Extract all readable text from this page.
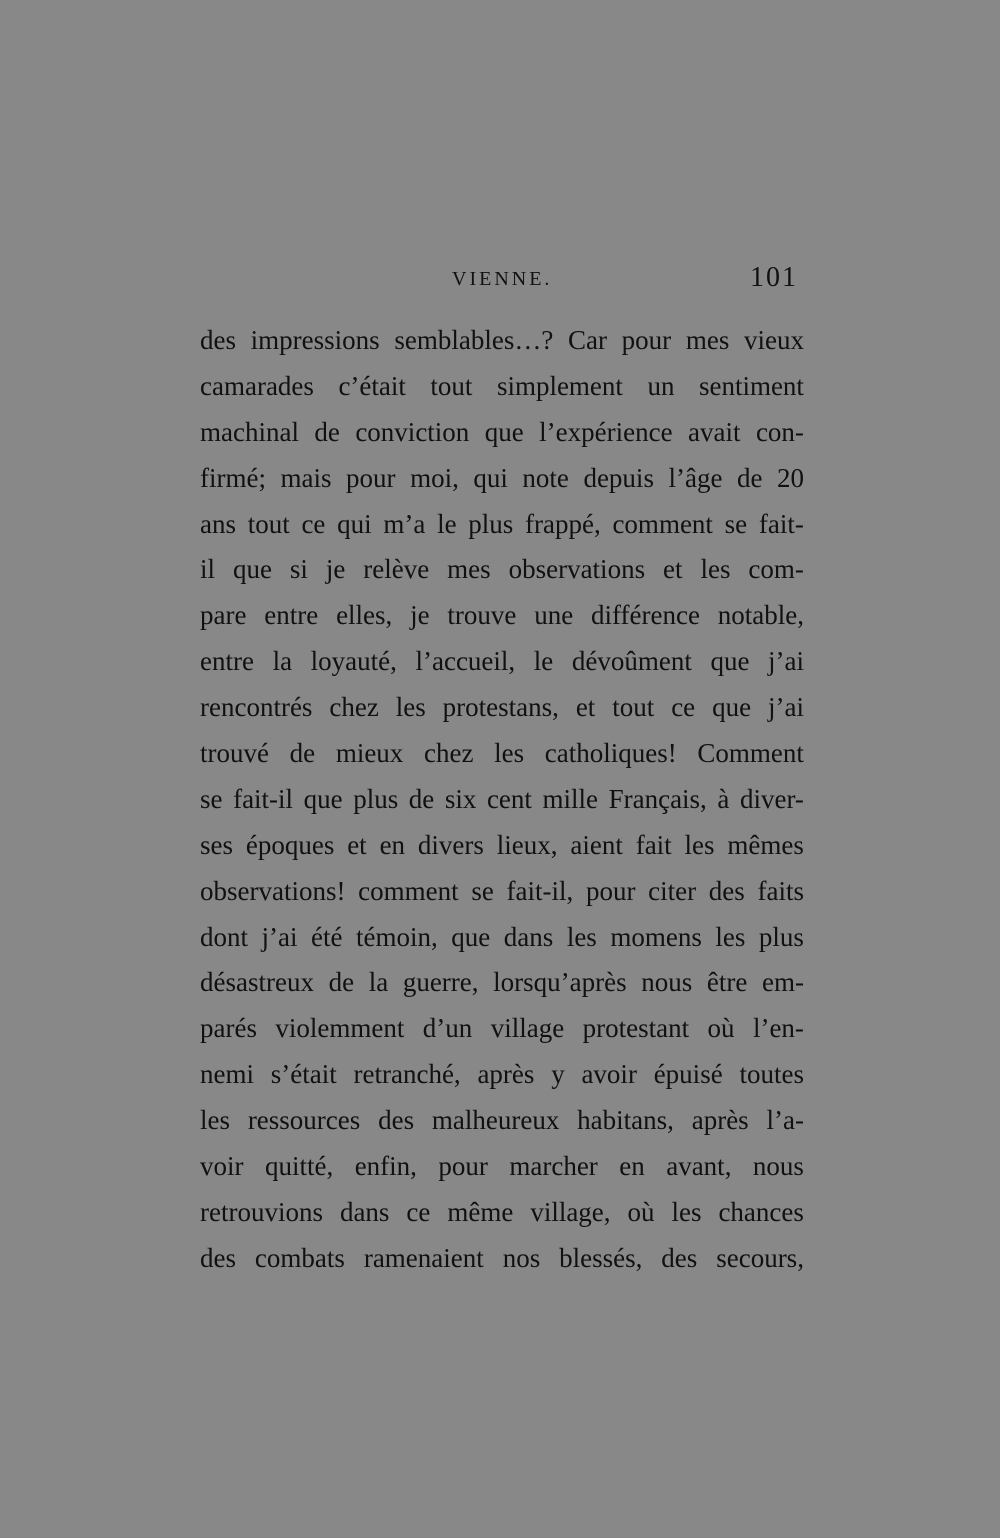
VIENNE.	101
des impressions semblables…? Car pour mes vieux
camarades c’était tout simplement un sentiment
machinal de conviction que l’expérience avait con-
firmé; mais pour moi, qui note depuis l’âge de 20
ans tout ce qui m’a le plus frappé, comment se fait-
il que si je relève mes observations et les com-
pare entre elles, je trouve une différence notable,
entre la loyauté, l’accueil, le dévoûment que j’ai
rencontrés chez les protestans, et tout ce que j’ai
trouvé de mieux chez les catholiques! Comment
se fait-il que plus de six cent mille Français, à diver-
ses époques et en divers lieux, aient fait les mêmes
observations! comment se fait-il, pour citer des faits
dont j’ai été témoin, que dans les momens les plus
désastreux de la guerre, lorsqu’après nous être em-
parés violemment d’un village protestant où l’en-
nemi s’était retranché, après y avoir épuisé toutes
les ressources des malheureux habitans, après l’a-
voir quitté, enfin, pour marcher en avant, nous
retrouvions dans ce même village, où les chances
des combats ramenaient nos blessés, des secours,
